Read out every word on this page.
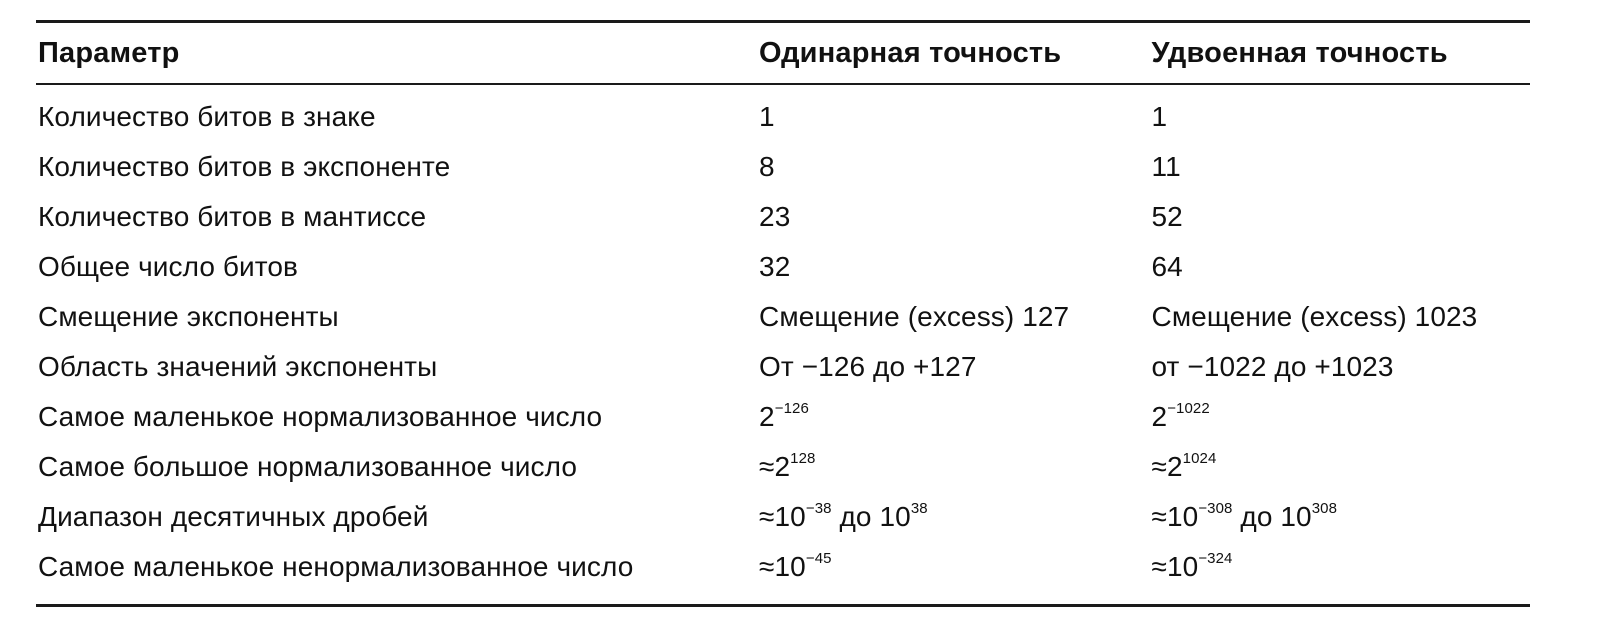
Параметр	Одинарная точность	Удвоенная точность
Количество битов в знаке	1	1
Количество битов в экспоненте	8	11
Количество битов в мантиссе	23	52
Общее число битов	32	64
Смещение экспоненты	Смещение (excess) 127	Смещение (excess) 1023
Область значений экспоненты	От −126 до +127	от −1022 до +1023
Самое маленькое нормализованное число	$2^{-126}$	$2^{-1022}$
Самое большое нормализованное число	$\approx 2^{128}$	$\approx 2^{1024}$
Диапазон десятичных дробей	$\approx 10^{-38}$ до $10^{38}$	$\approx 10^{-308}$ до $10^{308}$
Самое маленькое ненормализованное число	$\approx 10^{-45}$	$\approx 10^{-324}$
